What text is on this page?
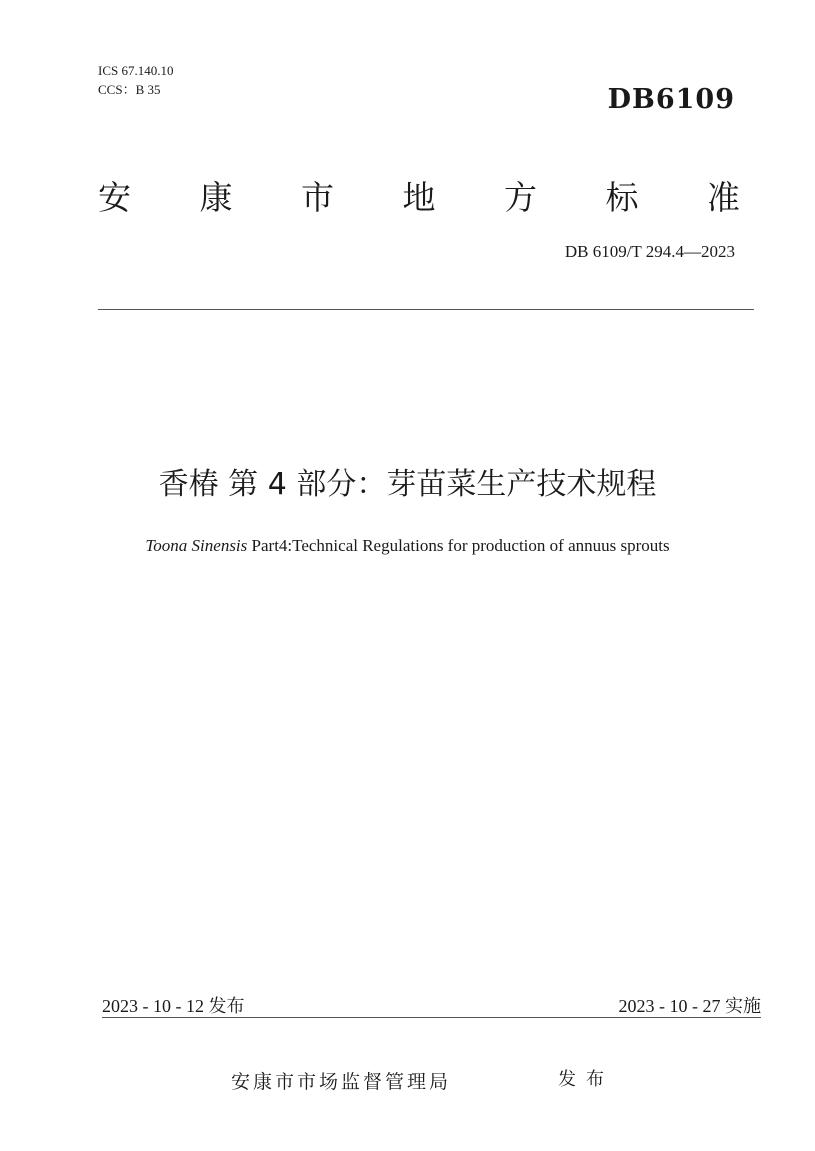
ICS 67.140.10
CCS：B 35	DB6109
安 康 市 地 方 标 准
DB 6109/T 294.4—2023
香椿 第 4 部分：芽苗菜生产技术规程
Toona Sinensis Part4:Technical Regulations for production of annuus sprouts
2023 - 10 - 12 发布	2023 - 10 - 27 实施
安康市市场监督管理局	发布
